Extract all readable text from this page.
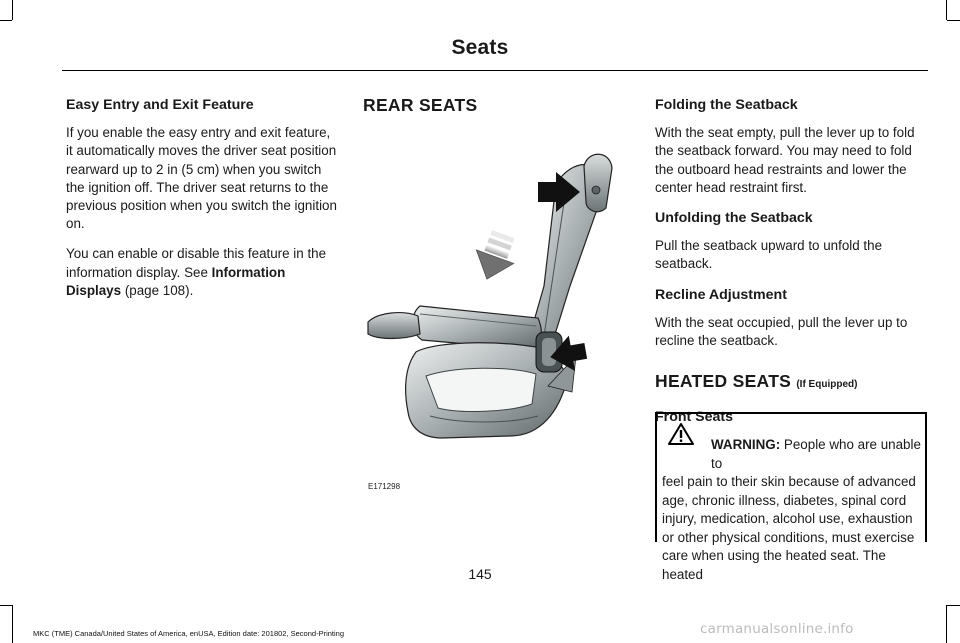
Seats
Easy Entry and Exit Feature

If you enable the easy entry and exit feature, it automatically moves the driver seat position rearward up to 2 in (5 cm) when you switch the ignition off. The driver seat returns to the previous position when you switch the ignition on.

You can enable or disable this feature in the information display. See Information Displays (page 108).

REAR SEATS
E171298
Folding the Seatback

With the seat empty, pull the lever up to fold the seatback forward. You may need to fold the outboard head restraints and lower the center head restraint first.

Unfolding the Seatback

Pull the seatback upward to unfold the seatback.

Recline Adjustment

With the seat occupied, pull the lever up to recline the seatback.

HEATED SEATS (If Equipped)
Front Seats
WARNING: People who are unable to
feel pain to their skin because of advanced age, chronic illness, diabetes, spinal cord injury, medication, alcohol use, exhaustion or other physical conditions, must exercise care when using the heated seat. The heated
145
MKC (TME) Canada/United States of America, enUSA, Edition date: 201802, Second-Printing	carmanualsonline.info
